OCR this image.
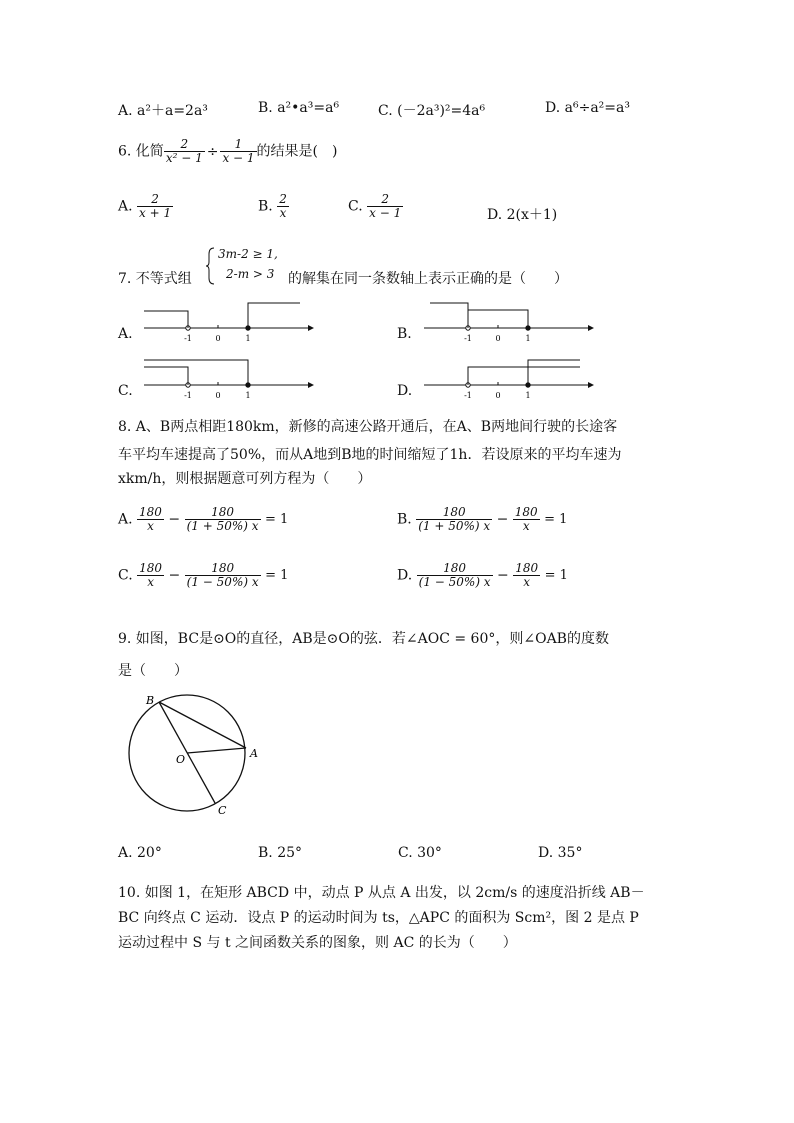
A. a²＋a=2a³	B. a²•a³=a⁶	C. (－2a³)²=4a⁶	D. a⁶÷a²=a³
6. 化简 $\frac{2}{\text{x² − 1}} \div \frac{1}{x - 1}$ 的结果是(　)
A. $\frac{2}{x + 1}$	B. $\frac{2}{x}$	C. $\frac{2}{x - 1}$	D. 2(x＋1)
3m-2 ≥ 1,
2-m > 3
7. 不等式组	的解集在同一条数轴上表示正确的是（　　）
A.	B.
C.	D.
-1	0	1	-1	0	1
-1	0	1	-1	0	1
8. A、B两点相距180km，新修的高速公路开通后，在A、B两地间行驶的长途客
车平均车速提高了50%，而从A地到B地的时间缩短了1h．若设原来的平均车速为
xkm/h，则根据题意可列方程为（　　）
A. $\frac{180}{x} - \frac{180}{(1 + 50\%) x} = 1$	B. $\frac{180}{(1 + 50\%) x} - \frac{180}{x} = 1$
C. $\frac{180}{x} - \frac{180}{(1 - 50\%) x} = 1$	D. $\frac{180}{(1 - 50\%) x} - \frac{180}{x} = 1$
9. 如图，BC是⊙O的直径，AB是⊙O的弦．若∠AOC = 60°，则∠OAB的度数
是（　　）
B
O	A
C
A. 20°	B. 25°	C. 30°	D. 35°
10. 如图 1，在矩形 ABCD 中，动点 P 从点 A 出发，以 2cm/s 的速度沿折线 AB－
BC 向终点 C 运动．设点 P 的运动时间为 ts，△APC 的面积为 Scm²，图 2 是点 P
运动过程中 S 与 t 之间函数关系的图象，则 AC 的长为（　　）
